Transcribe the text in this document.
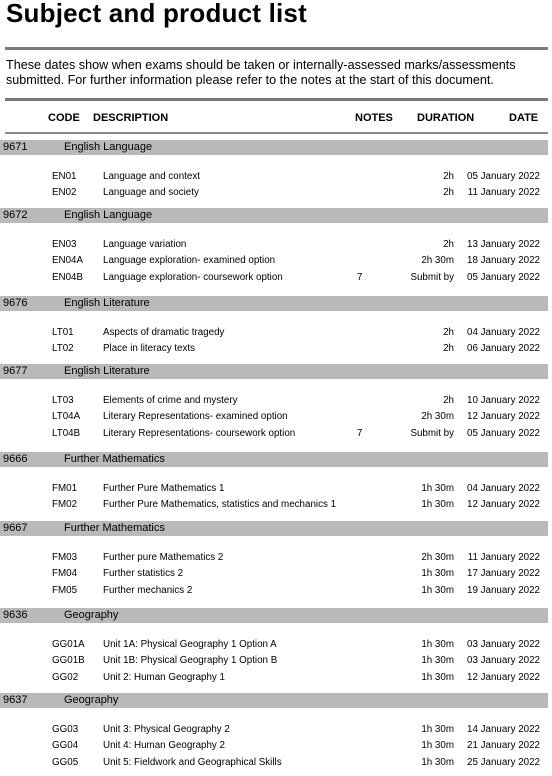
Subject and product list
These dates show when exams should be taken or internally-assessed marks/assessments submitted. For further information please refer to the notes at the start of this document.
CODE DESCRIPTION	NOTES DURATION	DATE
9671	English Language
EN01	Language and context	2h 05 January 2022
EN02	Language and society	2h 11 January 2022
9672	English Language
EN03	Language variation	2h 13 January 2022
EN04A Language exploration- examined option	2h 30m 18 January 2022
EN04B Language exploration- coursework option	7	Submit by 05 January 2022
9676	English Literature
LT01	Aspects of dramatic tragedy	2h 04 January 2022
LT02	Place in literacy texts	2h 06 January 2022
9677	English Literature
LT03	Elements of crime and mystery	2h 10 January 2022
LT04A Literary Representations- examined option	2h 30m 12 January 2022
LT04B Literary Representations- coursework option	7	Submit by 05 January 2022
9666	Further Mathematics
FM01	Further Pure Mathematics 1	1h 30m 04 January 2022
FM02	Further Pure Mathematics, statistics and mechanics 1	1h 30m 12 January 2022
9667	Further Mathematics
FM03	Further pure Mathematics 2	2h 30m 11 January 2022
FM04	Further statistics 2	1h 30m 17 January 2022
FM05	Further mechanics 2	1h 30m 19 January 2022
9636	Geography
GG01A Unit 1A: Physical Geography 1 Option A	1h 30m 03 January 2022
GG01B Unit 1B: Physical Geography 1 Option B	1h 30m 03 January 2022
GG02	Unit 2: Human Geography 1	1h 30m 12 January 2022
9637	Geography
GG03	Unit 3: Physical Geography 2	1h 30m 14 January 2022
GG04	Unit 4: Human Geography 2	1h 30m 21 January 2022
GG05	Unit 5: Fieldwork and Geographical Skills	1h 30m 25 January 2022
